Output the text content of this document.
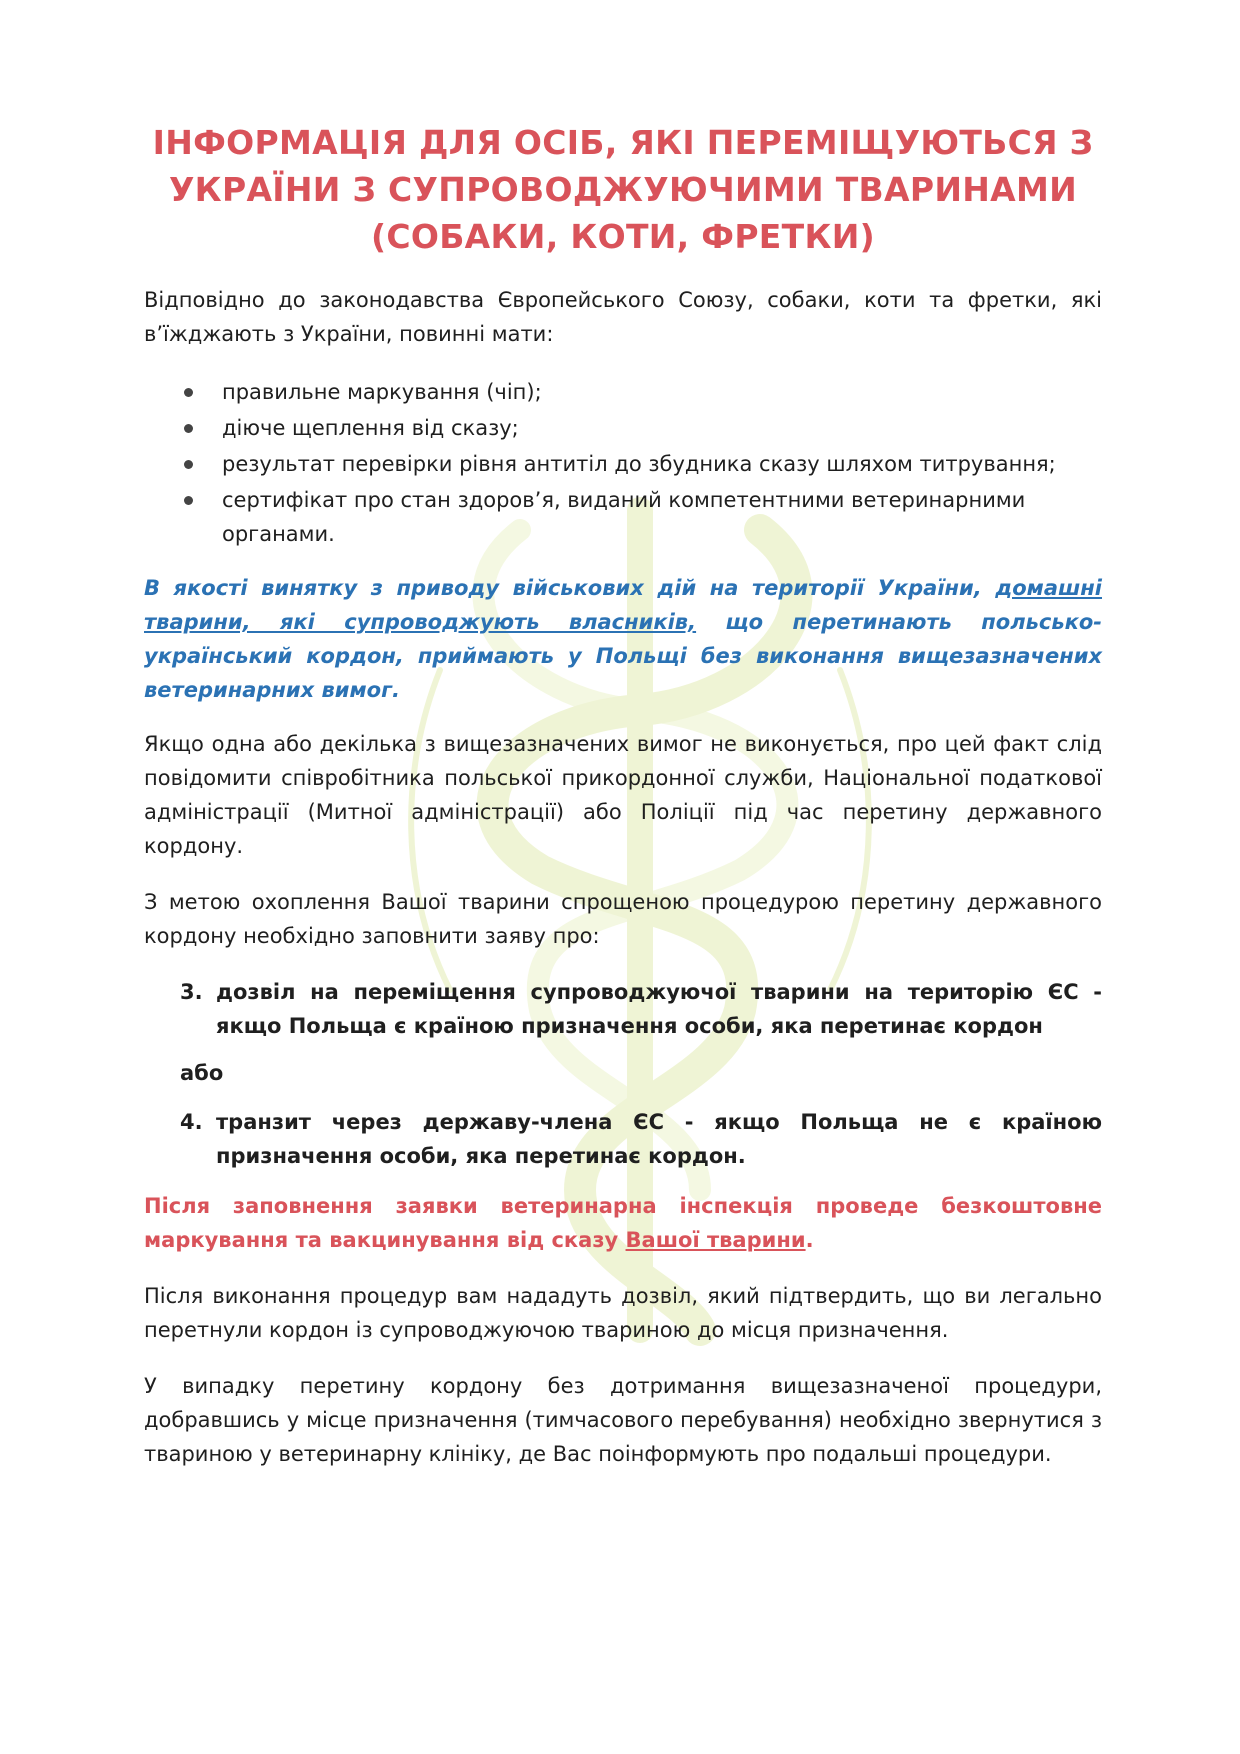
ІНФОРМАЦІЯ ДЛЯ ОСІБ, ЯКІ ПЕРЕМІЩУЮТЬСЯ З
УКРАЇНИ З СУПРОВОДЖУЮЧИМИ ТВАРИНАМИ
(СОБАКИ, КОТИ, ФРЕТКИ)

Відповідно до законодавства Європейського Союзу, собаки, коти та фретки, які в’їжджають з України, повинні мати:

правильне маркування (чіп);
діюче щеплення від сказу;
результат перевірки рівня антитіл до збудника сказу шляхом титрування;
сертифікат про стан здоров’я, виданий компетентними ветеринарними органами.

В якості винятку з приводу військових дій на території України, домашні тварини, які супроводжують власників, що перетинають польсько-український кордон, приймають у Польщі без виконання вищезазначених ветеринарних вимог.

Якщо одна або декілька з вищезазначених вимог не виконується, про цей факт слід повідомити співробітника польської прикордонної служби, Національної податкової адміністрації (Митної адміністрації) або Поліції під час перетину державного кордону.

З метою охоплення Вашої тварини спрощеною процедурою перетину державного кордону необхідно заповнити заяву про:

3. дозвіл на переміщення супроводжуючої тварини на територію ЄС - якщо Польща є країною призначення особи, яка перетинає кордон
або
4. транзит через державу-члена ЄС - якщо Польща не є країною призначення особи, яка перетинає кордон.

Після заповнення заявки ветеринарна інспекція проведе безкоштовне маркування та вакцинування від сказу Вашої тварини.

Після виконання процедур вам нададуть дозвіл, який підтвердить, що ви легально перетнули кордон із супроводжуючою твариною до місця призначення.

У випадку перетину кордону без дотримання вищезазначеної процедури, добравшись у місце призначення (тимчасового перебування) необхідно звернутися з твариною у ветеринарну клініку, де Вас поінформують про подальші процедури.
